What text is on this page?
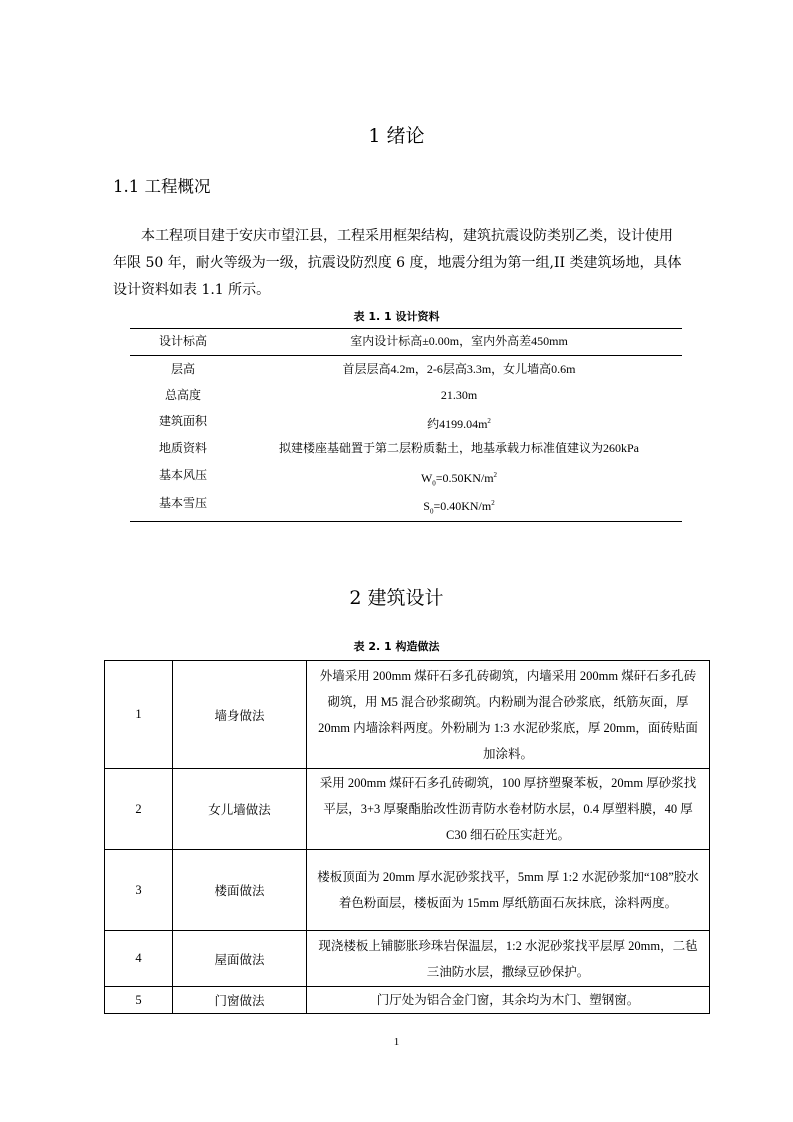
1 绪论
1.1 工程概况
本工程项目建于安庆市望江县，工程采用框架结构，建筑抗震设防类别乙类，设计使用年限 50 年，耐火等级为一级，抗震设防烈度 6 度，地震分组为第一组,II 类建筑场地，具体设计资料如表 1.1 所示。
表 1. 1 设计资料
设计标高	室内设计标高±0.00m，室内外高差450mm
层高	首层层高4.2m，2-6层高3.3m，女儿墙高0.6m
总高度	21.30m
建筑面积	约$4199.04m^2$
地质资料	拟建楼座基础置于第二层粉质黏土，地基承载力标准值建议为260kPa
基本风压	$W_0=0.50KN/m^2$
基本雪压	$S_0=0.40KN/m^2$
2 建筑设计
表 2. 1 构造做法
1	墙身做法	外墙采用 200mm 煤矸石多孔砖砌筑，内墙采用 200mm 煤矸石多孔砖砌筑，用 M5 混合砂浆砌筑。内粉刷为混合砂浆底，纸筋灰面，厚 20mm 内墙涂料两度。外粉刷为 1:3 水泥砂浆底，厚 20mm，面砖贴面加涂料。
2	女儿墙做法	采用 200mm 煤矸石多孔砖砌筑，100 厚挤塑聚苯板，20mm 厚砂浆找平层，3+3 厚聚酯胎改性沥青防水卷材防水层，0.4 厚塑料膜，40 厚 C30 细石砼压实赶光。
3	楼面做法	楼板顶面为 20mm 厚水泥砂浆找平，5mm 厚 1:2 水泥砂浆加“108”胶水着色粉面层，楼板面为 15mm 厚纸筋面石灰抹底，涂料两度。
4	屋面做法	现浇楼板上铺膨胀珍珠岩保温层，1:2 水泥砂浆找平层厚 20mm，二毡三油防水层，撒绿豆砂保护。
5	门窗做法	门厅处为铝合金门窗，其余均为木门、塑钢窗。
1
